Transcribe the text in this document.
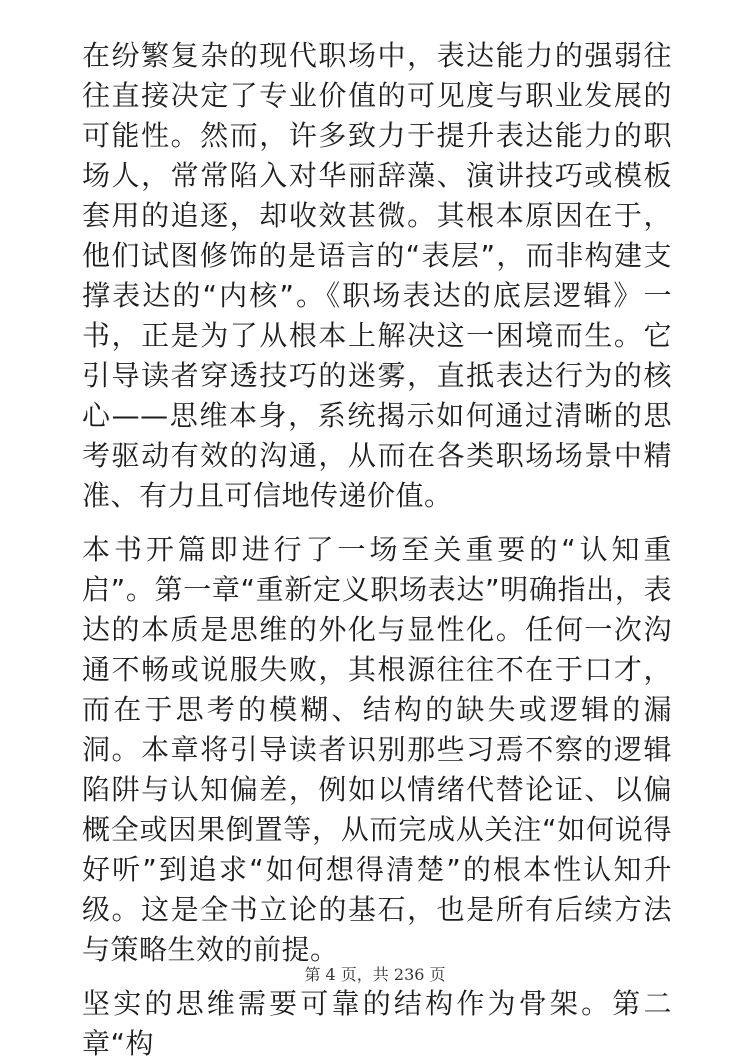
在纷繁复杂的现代职场中，表达能力的强弱往往直接决定了专业价值的可见度与职业发展的可能性。然而，许多致力于提升表达能力的职场人，常常陷入对华丽辞藻、演讲技巧或模板套用的追逐，却收效甚微。其根本原因在于，他们试图修饰的是语言的“表层”，而非构建支撑表达的“内核”。《职场表达的底层逻辑》一书，正是为了从根本上解决这一困境而生。它引导读者穿透技巧的迷雾，直抵表达行为的核心——思维本身，系统揭示如何通过清晰的思考驱动有效的沟通，从而在各类职场场景中精准、有力且可信地传递价值。

本书开篇即进行了一场至关重要的“认知重启”。第一章“重新定义职场表达”明确指出，表达的本质是思维的外化与显性化。任何一次沟通不畅或说服失败，其根源往往不在于口才，而在于思考的模糊、结构的缺失或逻辑的漏洞。本章将引导读者识别那些习焉不察的逻辑陷阱与认知偏差，例如以情绪代替论证、以偏概全或因果倒置等，从而完成从关注“如何说得好听”到追求“如何想得清楚”的根本性认知升级。这是全书立论的基石，也是所有后续方法与策略生效的前提。

坚实的思维需要可靠的结构作为骨架。第二章“构

第 4 页，共 236 页
